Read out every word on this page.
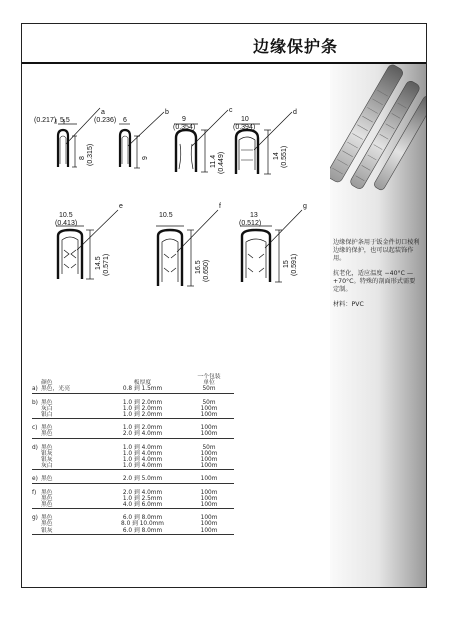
边缘保护条

边缘保护条用于钣金件切口棱利边缘的保护，也可以起装饰作用。

抗老化，适应温度 −40°C — +70°C。特殊的剖面形式需要定制。

材料：PVC

(0.217) 5.5
a
8 (0.315)
(0.236) 6
b
9
9
(0.354)
c
11.4 (0.449)
10
(0.394)
d
14 (0.551)
10.5
(0.413)
e
14.5 (0.571)
10.5
f
16.5 (0.650)
13
(0.512)
g
15 (0.591)
			一个包装
	颜色	板厚度	单位
a)	黑色，光亮	0.8 到 1.5mm	50m

b)	黑色	1.0 到 2.0mm	50m
	灰白	1.0 到 2.0mm	100m
	银白	1.0 到 2.0mm	100m

c)	黑色	1.0 到 2.0mm	100m
	黑色	2.0 到 4.0mm	100m

d)	黑色	1.0 到 4.0mm	50m
	银灰	1.0 到 4.0mm	100m
	银灰	1.0 到 4.0mm	100m
	灰白	1.0 到 4.0mm	100m

e)	黑色	2.0 到 5.0mm	100m

f)	黑色	2.0 到 4.0mm	100m
	黑色	1.0 到 2.5mm	100m
	黑色	4.0 到 6.0mm	100m

g)	黑色	6.0 到 8.0mm	100m
	黑色	8.0 到 10.0mm	100m
	银灰	6.0 到 8.0mm	100m
